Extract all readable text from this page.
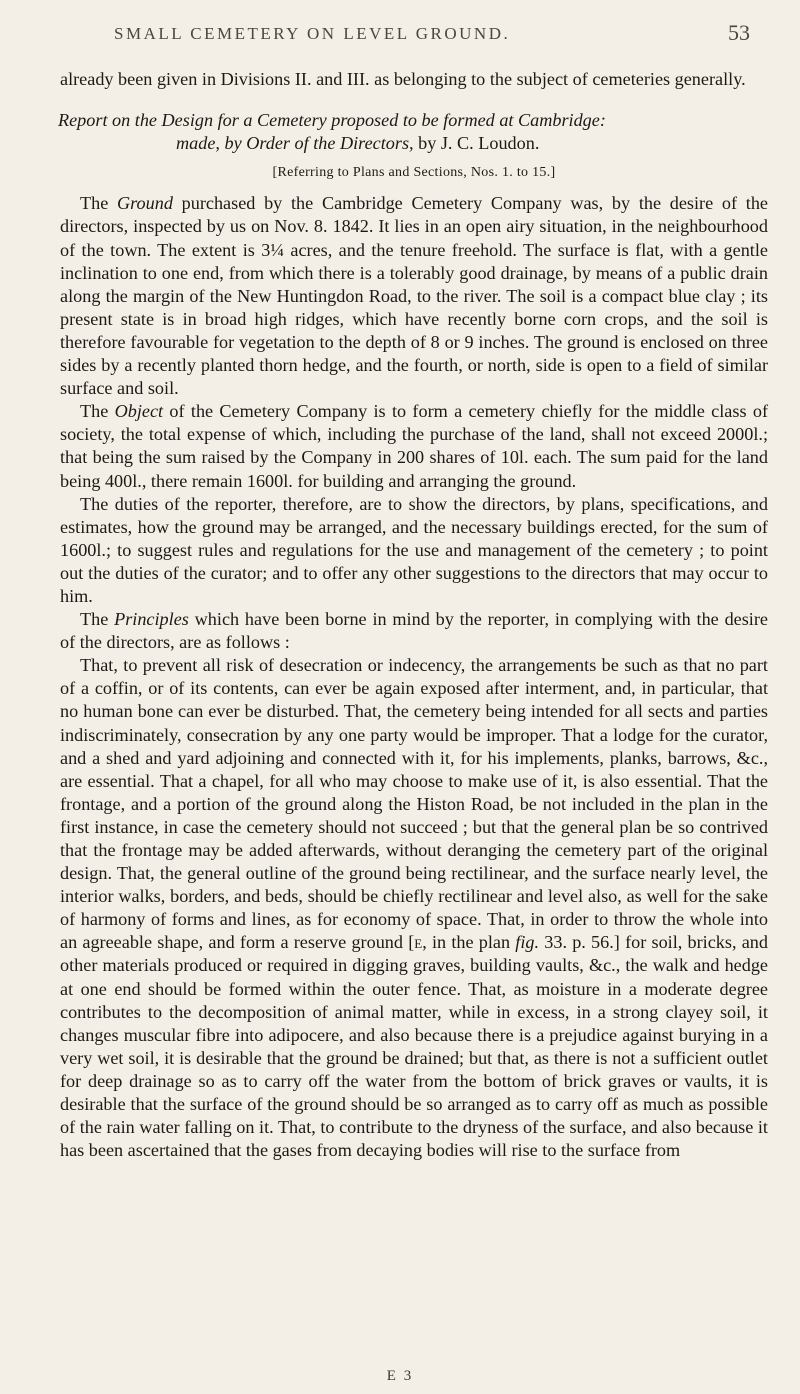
SMALL CEMETERY ON LEVEL GROUND.	53

already been given in Divisions II. and III. as belonging to the subject of cemeteries generally.

Report on the Design for a Cemetery proposed to be formed at Cambridge:
made, by Order of the Directors, by J. C. Loudon.

[Referring to Plans and Sections, Nos. 1. to 15.]

The Ground purchased by the Cambridge Cemetery Company was, by the desire of the directors, inspected by us on Nov. 8. 1842. It lies in an open airy situation, in the neighbourhood of the town. The extent is 3¼ acres, and the tenure freehold. The surface is flat, with a gentle inclination to one end, from which there is a tolerably good drainage, by means of a public drain along the margin of the New Huntingdon Road, to the river. The soil is a compact blue clay ; its present state is in broad high ridges, which have recently borne corn crops, and the soil is therefore favourable for vegetation to the depth of 8 or 9 inches. The ground is enclosed on three sides by a recently planted thorn hedge, and the fourth, or north, side is open to a field of similar surface and soil.

The Object of the Cemetery Company is to form a cemetery chiefly for the middle class of society, the total expense of which, including the purchase of the land, shall not exceed 2000l.; that being the sum raised by the Company in 200 shares of 10l. each. The sum paid for the land being 400l., there remain 1600l. for building and arranging the ground.

The duties of the reporter, therefore, are to show the directors, by plans, specifications, and estimates, how the ground may be arranged, and the necessary buildings erected, for the sum of 1600l.; to suggest rules and regulations for the use and management of the cemetery ; to point out the duties of the curator; and to offer any other suggestions to the directors that may occur to him.

The Principles which have been borne in mind by the reporter, in complying with the desire of the directors, are as follows :

That, to prevent all risk of desecration or indecency, the arrangements be such as that no part of a coffin, or of its contents, can ever be again exposed after interment, and, in particular, that no human bone can ever be disturbed. That, the cemetery being intended for all sects and parties indiscriminately, consecration by any one party would be improper. That a lodge for the curator, and a shed and yard adjoining and connected with it, for his implements, planks, barrows, &c., are essential. That a chapel, for all who may choose to make use of it, is also essential. That the frontage, and a portion of the ground along the Histon Road, be not included in the plan in the first instance, in case the cemetery should not succeed ; but that the general plan be so contrived that the frontage may be added afterwards, without deranging the cemetery part of the original design. That, the general outline of the ground being rectilinear, and the surface nearly level, the interior walks, borders, and beds, should be chiefly rectilinear and level also, as well for the sake of harmony of forms and lines, as for economy of space. That, in order to throw the whole into an agreeable shape, and form a reserve ground [e, in the plan fig. 33. p. 56.] for soil, bricks, and other materials produced or required in digging graves, building vaults, &c., the walk and hedge at one end should be formed within the outer fence. That, as moisture in a moderate degree contributes to the decomposition of animal matter, while in excess, in a strong clayey soil, it changes muscular fibre into adipocere, and also because there is a prejudice against burying in a very wet soil, it is desirable that the ground be drained; but that, as there is not a sufficient outlet for deep drainage so as to carry off the water from the bottom of brick graves or vaults, it is desirable that the surface of the ground should be so arranged as to carry off as much as possible of the rain water falling on it. That, to contribute to the dryness of the surface, and also because it has been ascertained that the gases from decaying bodies will rise to the surface from

E 3
